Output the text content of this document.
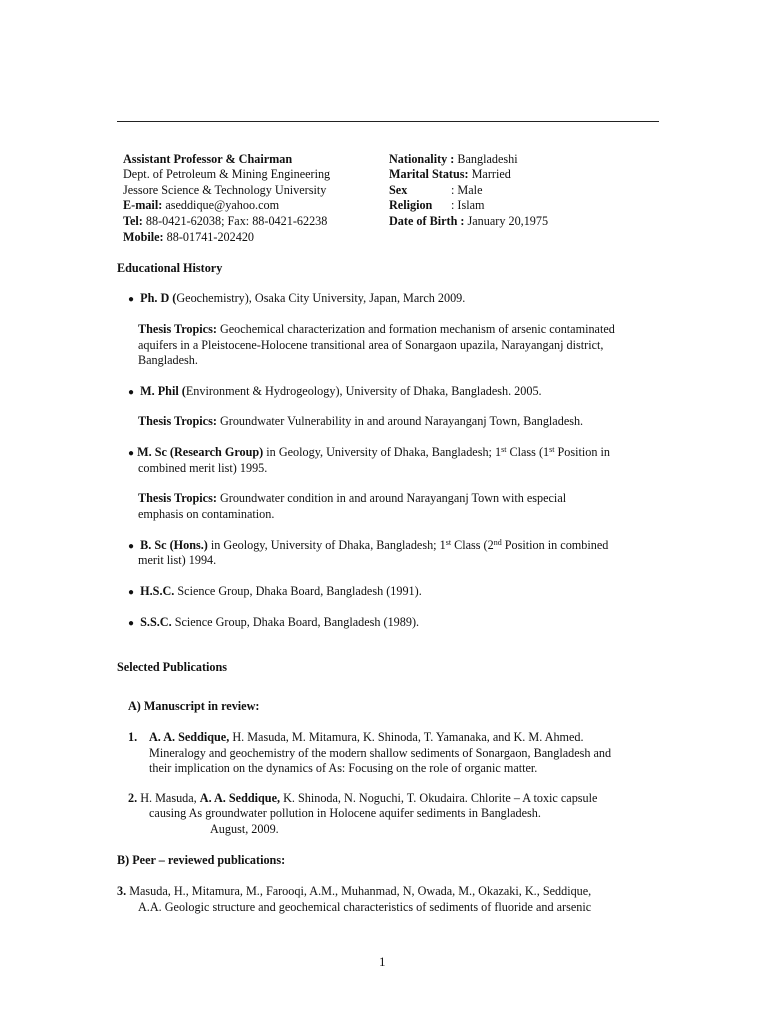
Assistant Professor & Chairman
Dept. of Petroleum & Mining Engineering
Jessore Science & Technology University
E-mail: aseddique@yahoo.com
Tel: 88-0421-62038; Fax: 88-0421-62238
Mobile: 88-01741-202420
Nationality : Bangladeshi
Marital Status: Married
Sex	: Male
Religion : Islam
Date of Birth : January 20,1975
Educational History
● Ph. D (Geochemistry), Osaka City University, Japan, March 2009.
Thesis Tropics: Geochemical characterization and formation mechanism of arsenic contaminated
aquifers in a Pleistocene-Holocene transitional area of Sonargaon upazila, Narayanganj district,
Bangladesh.
● M. Phil (Environment & Hydrogeology), University of Dhaka, Bangladesh. 2005.
Thesis Tropics: Groundwater Vulnerability in and around Narayanganj Town, Bangladesh.
● M. Sc (Research Group) in Geology, University of Dhaka, Bangladesh; 1st Class (1st Position in
combined merit list) 1995.
Thesis Tropics: Groundwater condition in and around Narayanganj Town with especial
emphasis on contamination.
● B. Sc (Hons.) in Geology, University of Dhaka, Bangladesh; 1st Class (2nd Position in combined
merit list) 1994.
● H.S.C. Science Group, Dhaka Board, Bangladesh (1991).
● S.S.C. Science Group, Dhaka Board, Bangladesh (1989).
Selected Publications
A) Manuscript in review:
1. A. A. Seddique, H. Masuda, M. Mitamura, K. Shinoda, T. Yamanaka, and K. M. Ahmed.
Mineralogy and geochemistry of the modern shallow sediments of Sonargaon, Bangladesh and
their implication on the dynamics of As: Focusing on the role of organic matter.
2. H. Masuda, A. A. Seddique, K. Shinoda, N. Noguchi, T. Okudaira. Chlorite – A toxic capsule
causing As groundwater pollution in Holocene aquifer sediments in Bangladesh.
August, 2009.
B) Peer – reviewed publications:
3. Masuda, H., Mitamura, M., Farooqi, A.M., Muhanmad, N, Owada, M., Okazaki, K., Seddique,
A.A. Geologic structure and geochemical characteristics of sediments of fluoride and arsenic
1
